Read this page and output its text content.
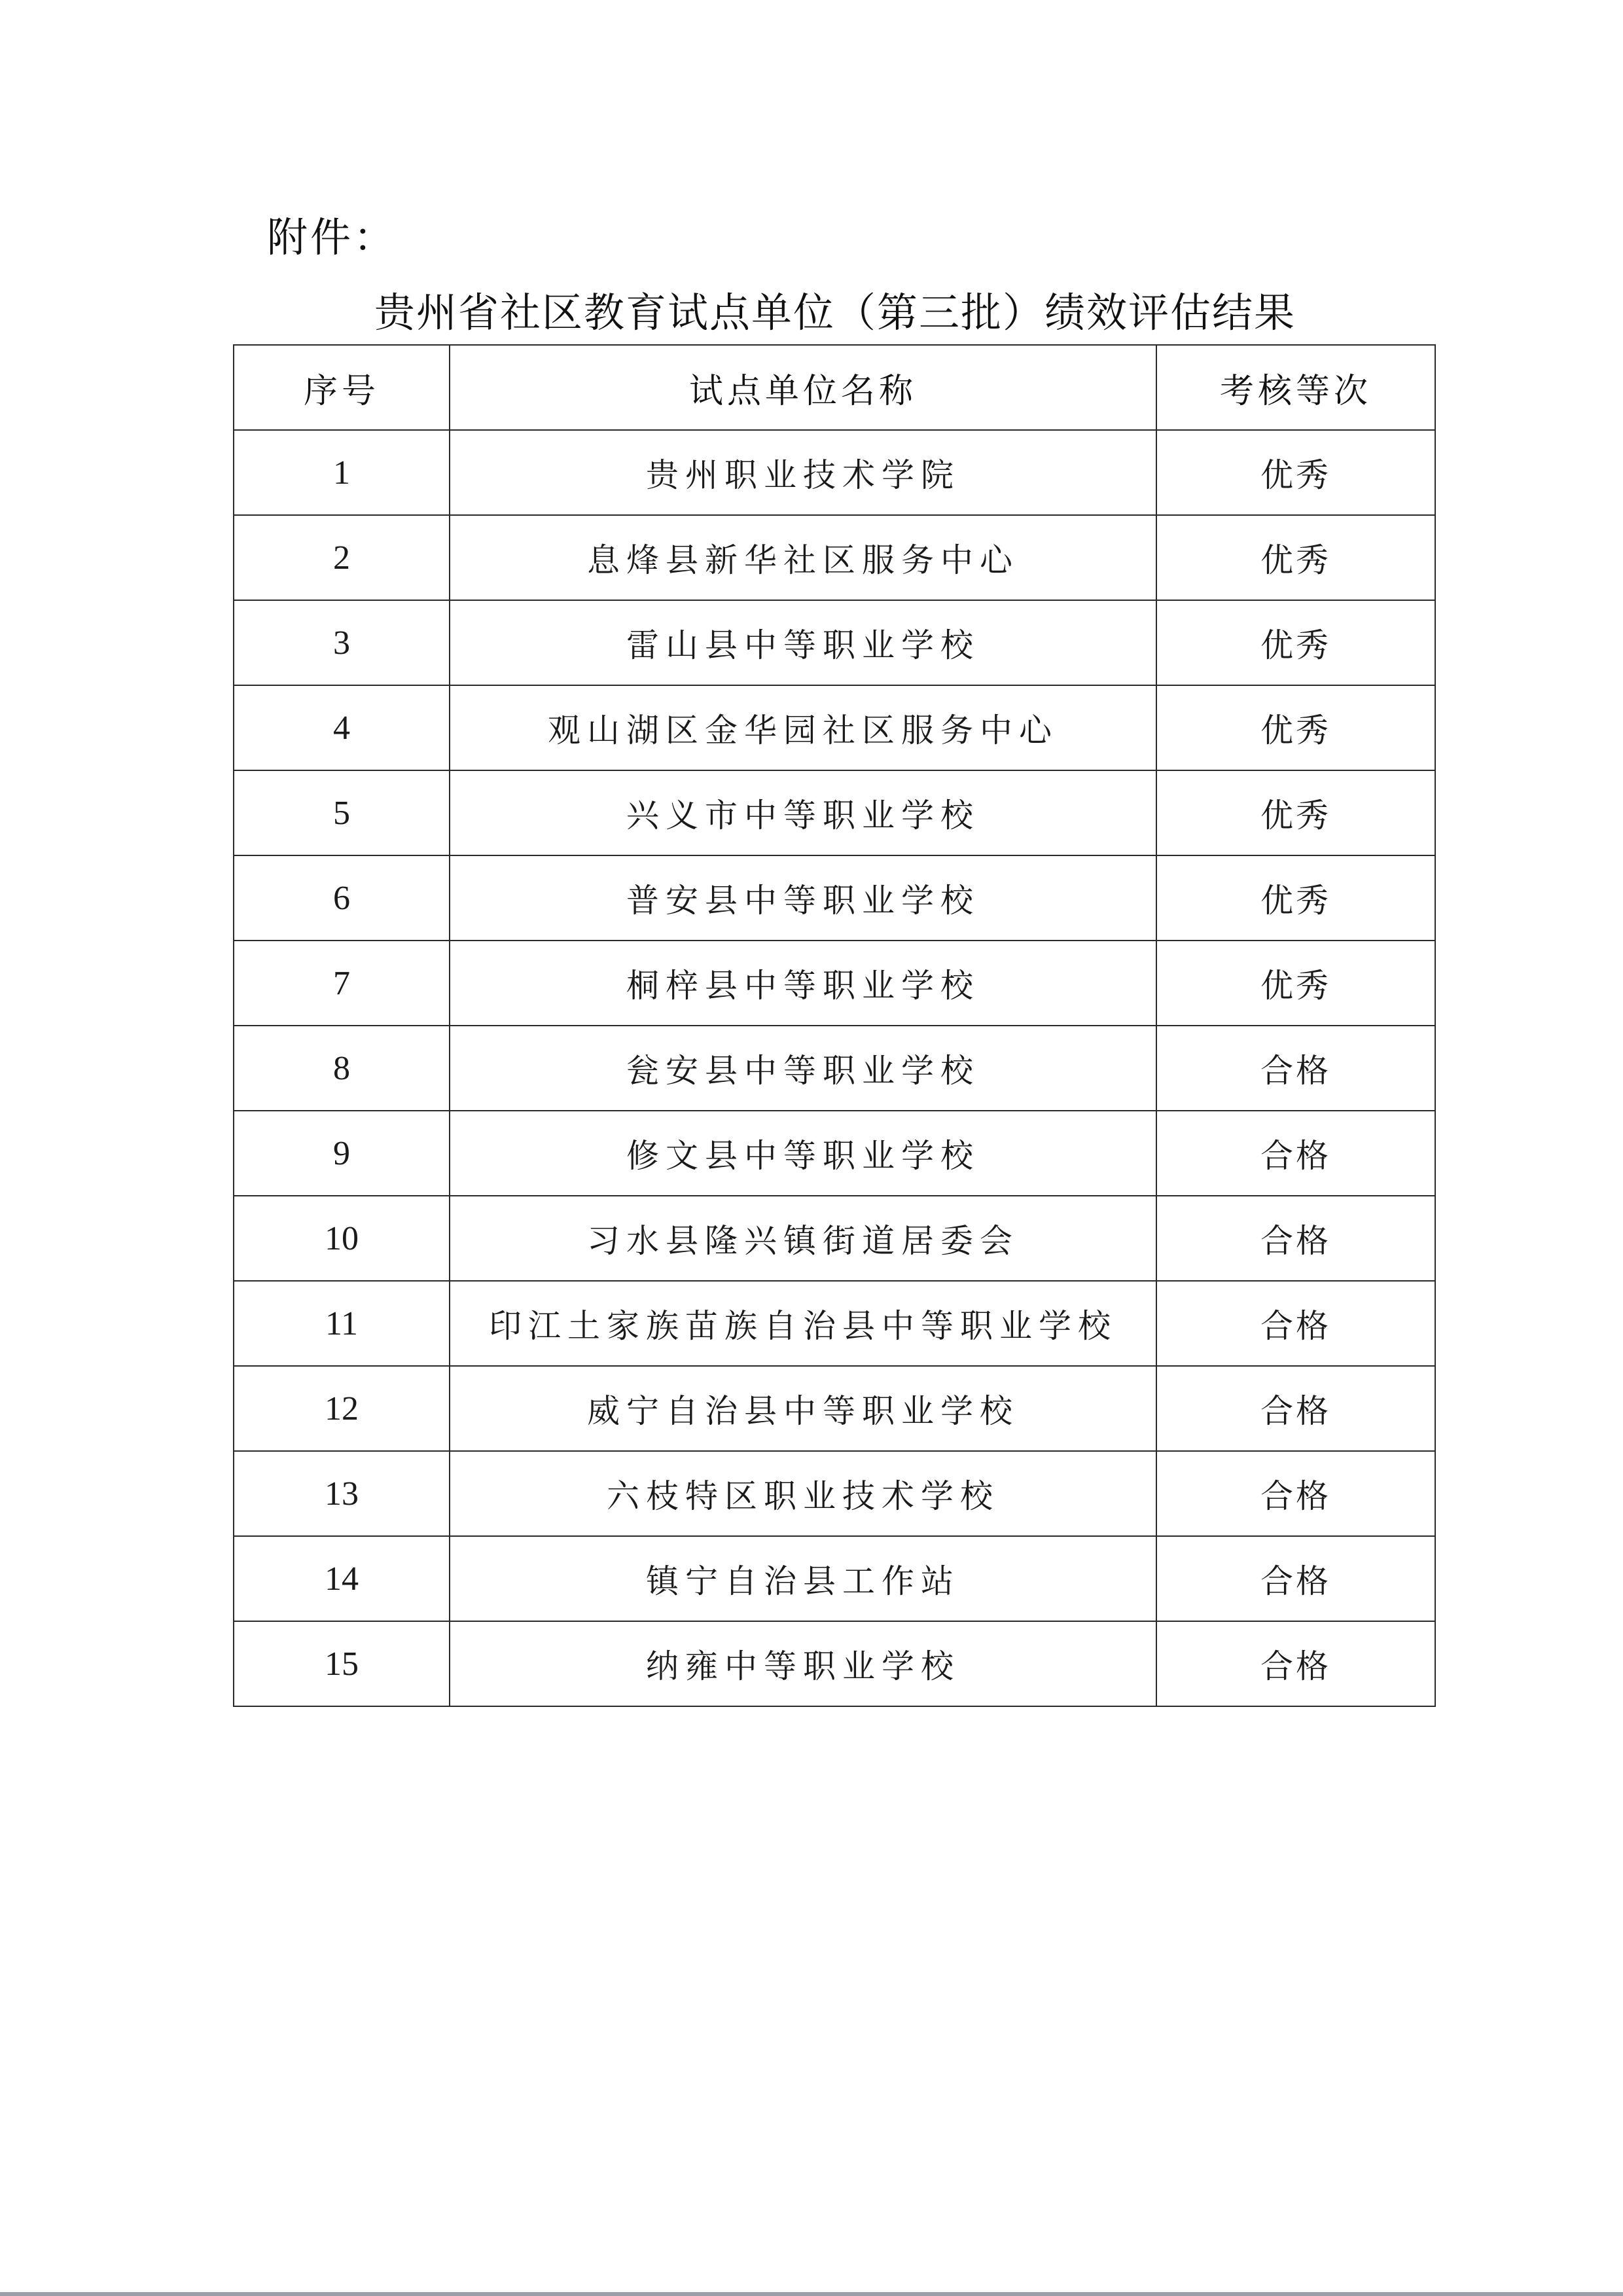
附件：
贵州省社区教育试点单位（第三批）绩效评估结果
序号	试点单位名称	考核等次
1	贵州职业技术学院	优秀
2	息烽县新华社区服务中心	优秀
3	雷山县中等职业学校	优秀
4	观山湖区金华园社区服务中心	优秀
5	兴义市中等职业学校	优秀
6	普安县中等职业学校	优秀
7	桐梓县中等职业学校	优秀
8	瓮安县中等职业学校	合格
9	修文县中等职业学校	合格
10	习水县隆兴镇街道居委会	合格
11	印江土家族苗族自治县中等职业学校	合格
12	威宁自治县中等职业学校	合格
13	六枝特区职业技术学校	合格
14	镇宁自治县工作站	合格
15	纳雍中等职业学校	合格
